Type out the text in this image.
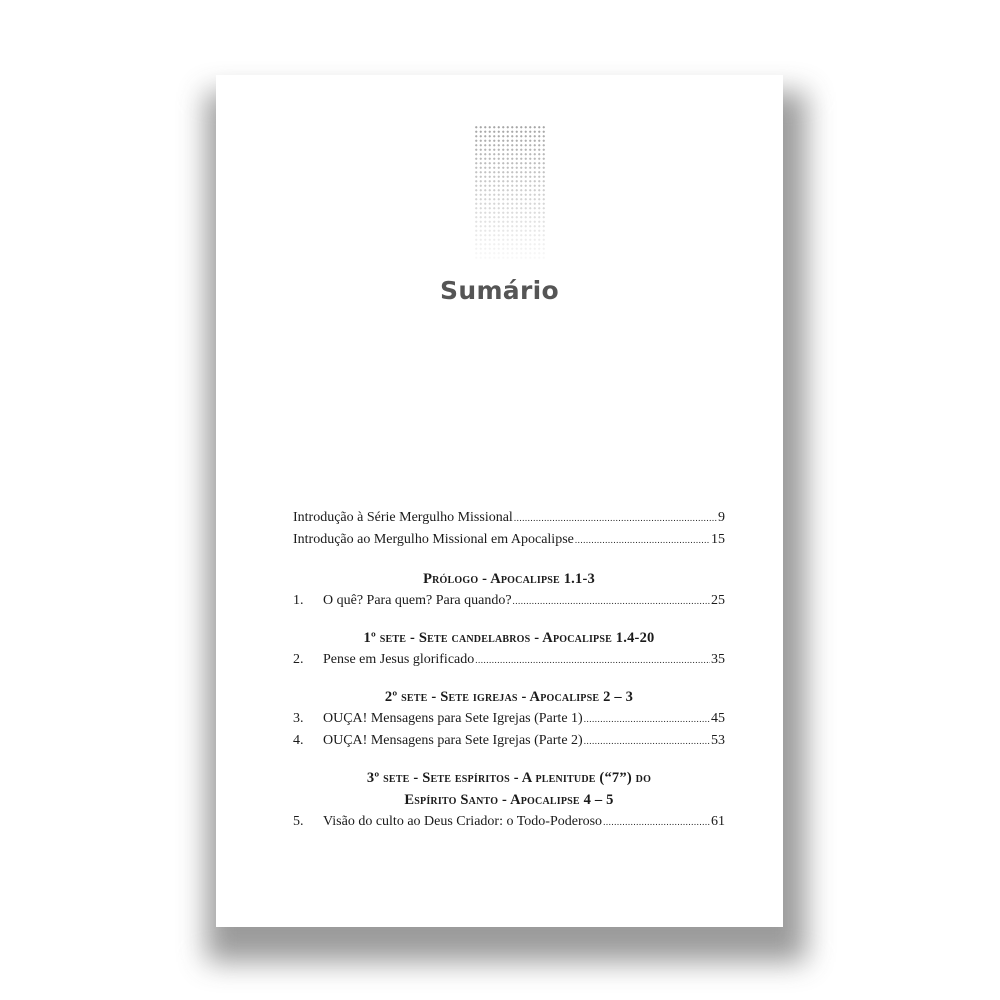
Sumário
Introdução à Série Mergulho Missional .....	9
Introdução ao Mergulho Missional em Apocalipse .....	15
Prólogo - Apocalipse 1.1-3
1.	O quê? Para quem? Para quando? .....	25
1º sete - Sete candelabros - Apocalipse 1.4-20
2.	Pense em Jesus glorificado .....	35
2º sete - Sete igrejas - Apocalipse 2 – 3
3.	OUÇA! Mensagens para Sete Igrejas (Parte 1) .....	45
4.	OUÇA! Mensagens para Sete Igrejas (Parte 2) .....	53
3º sete - Sete espíritos - A plenitude (“7”) do
Espírito Santo - Apocalipse 4 – 5
5.	Visão do culto ao Deus Criador: o Todo-Poderoso .....	61
